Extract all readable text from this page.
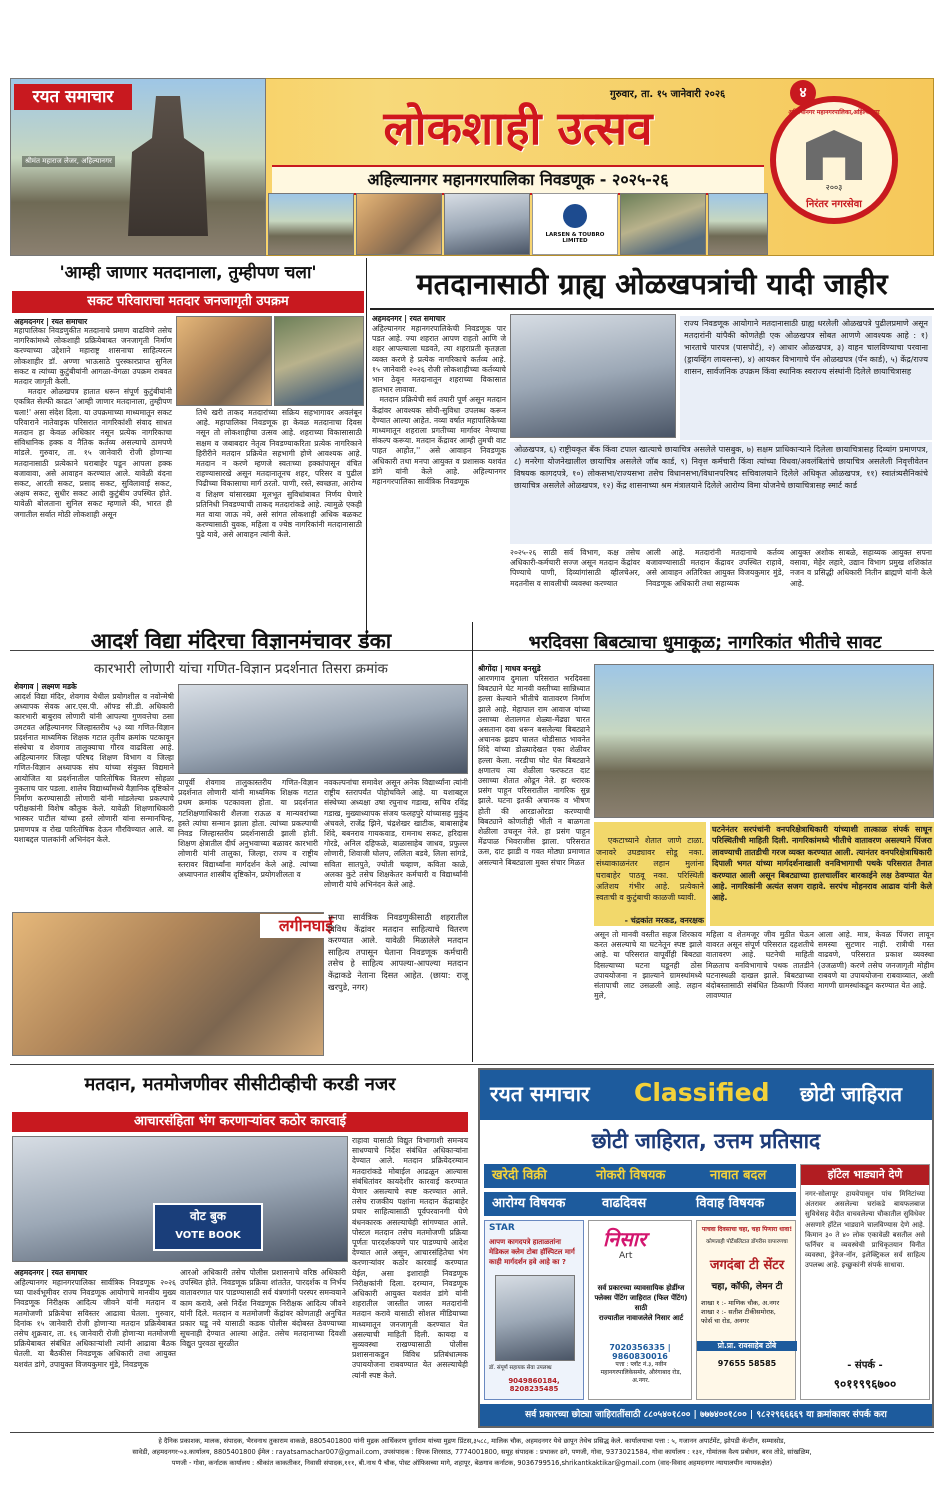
रयत समाचार
श्रीमंत महाराज लेजर, अहिल्यानगर
गुरुवार, ता. १५ जानेवारी २०२६	४
लोकशाही उत्सव
अहिल्यानगर महानगरपालिका निवडणूक - २०२५-२६
अहिल्यानगर महानगरपालिका,अहिल्यानगर
२००३
निरंतर नगरसेवा
LARSEN & TOUBRO LIMITED
'आम्ही जाणार मतदानाला, तुम्हीपण चला'
सकट परिवाराचा मतदार जनजागृती उपक्रम
अहमदनगर | रयत समाचार
महापालिका निवडणुकीत मतदानाचे प्रमाण वाढविणे तसेच नागरिकांमध्ये लोकशाही प्रक्रियेबाबत जनजागृती निर्माण करण्याच्या उद्देशाने महाराष्ट्र शासनाचा साहित्यरत्न लोकशाहीर डॉ. अण्णा भाऊसाठे पुरस्कारप्राप्त सुनिल सकट व त्यांच्या कुटुंबीयांनी आगळा-वेगळा उपक्रम राबवत मतदार जागृती केली.
मतदार ओळखपत्र हातात धरून संपूर्ण कुटुंबीयांनी एकत्रित सेल्फी काढत 'आम्ही जाणार मतदानाला, तुम्हीपण चला!' असा संदेश दिला. या उपक्रमाच्या माध्यमातून सकट परिवाराने नातेवाइक परिसरात नागरिकांशी संवाद साधत मतदान हा केवळ अधिकार नसून प्रत्येक नागरिकाचा संविधानिक हक्क व नैतिक कर्तव्य असल्याचे ठामपणे मांडले. गुरुवार, ता. १५ जानेवारी रोजी होणाऱ्या मतदानासाठी प्रत्येकाने घराबाहेर पडून आपला हक्क बजावावा, असे आवाहन करण्यात आले. यावेळी वंदना सकट, आरती सकट, प्रसाद सकट, सुविलावाई सकट, अक्षय सकट, सुधीर सकट आदी कुटुंबीय उपस्थित होते. यावेळी बोलताना सुनिल सकट म्हणाले की, भारत ही जगातील सर्वात मोठी लोकशाही असून
तिथे खरी ताकद मतदारांच्या सक्रिय सहभागावर अवलंबून आहे. महापालिका निवडणूक हा केवळ मतदानाचा दिवस नसून तो लोकशाहीचा उत्सव आहे. शहराच्या विकासासाठी सक्षम व जबाबदार नेतृत्व निवडण्याकरिता प्रत्येक नागरिकाने हिरीरीने मतदान प्रक्रियेत सहभागी होणे आवश्यक आहे. मतदान न करणे म्हणजे स्वतःच्या हक्कांपासून वंचित राहण्यासारखे असून मतदानातूनच शहर, परिसर व पुढील पिढीच्या विकासाचा मार्ग ठरतो. पाणी, रस्ते, स्वच्छता, आरोग्य व शिक्षण यांसारख्या मूलभूत सुविधांबाबत निर्णय घेणारे प्रतिनिधी निवडण्याची ताकद मतदारांकडे आहे. त्यामुळे एकही मत वाया जाऊ नये, असे सांगत लोकशाही अधिक बळकट करण्यासाठी युवक, महिला व ज्येष्ठ नागरिकांनी मतदानासाठी पुढे यावे, असे आवाहन त्यांनी केले.
मतदानासाठी ग्राह्य ओळखपत्रांची यादी जाहीर
अहमदनगर | रयत समाचार
अहिल्यानगर महानगरपालिकेची निवडणूक पार पडत आहे. ज्या शहरात आपण राहतो आणि जे शहर आपल्याला घडवते, त्या शहराप्रती कृतज्ञता व्यक्त करणे हे प्रत्येक नागरिकाचे कर्तव्य आहे. १५ जानेवारी २०२६ रोजी लोकशाहीच्या कर्तव्याचे भान ठेवून मतदानातून शहराच्या विकासात हातभार लावावा.
मतदान प्रक्रियेची सर्व तयारी पूर्ण असून मतदान केंद्रांवर आवश्यक सोयी-सुविधा उपलब्ध करून देण्यात आल्या आहेत. नव्या वर्षात महापालिकेच्या माध्यमातून शहराला प्रगतीच्या मार्गावर नेण्याचा संकल्प करूया. मतदान केंद्रावर आम्ही तुमची वाट पाहत आहोत,'' असे आवाहन निवडणूक अधिकारी तथा मनपा आयुक्त व प्रशासक यशवंत डांगे यांनी केले आहे. अहिल्यानगर महानगरपालिका सार्वत्रिक निवडणूक
राज्य निवडणूक आयोगाने मतदानासाठी ग्राह्य धरलेली ओळखपत्रे पुढीलप्रमाणे असून मतदारांनी यांपैकी कोणतेही एक ओळखपत्र सोबत आणणे आवश्यक आहे : १) भारताचे पारपत्र (पासपोर्ट), २) आधार ओळखपत्र, ३) वाहन चालविण्याचा परवाना (ड्रायव्हिंग लायसन्स), ४) आयकर विभागाचे पॅन ओळखपत्र (पॅन कार्ड), ५) केंद्र/राज्य शासन, सार्वजनिक उपक्रम किंवा स्थानिक स्वराज्य संस्थांनी दिलेले छायाचित्रासह
ओळखपत्र, ६) राष्ट्रीयकृत बँक किंवा टपाल खात्याचे छायाचित्र असलेले पासबुक, ७) सक्षम प्राधिकाऱ्याने दिलेला छायाचित्रासह दिव्यांग प्रमाणपत्र, ८) मनरेगा योजनेखालील छायाचित्र असलेले जॉब कार्ड, ९) निवृत्त कर्मचारी किंवा त्यांच्या विधवा/अवलंबितांचे छायाचित्र असलेली निवृत्तीवेतन विषयक कागदपत्रे, १०) लोकसभा/राज्यसभा तसेच विधानसभा/विधानपरिषद सचिवालयाने दिलेले अधिकृत ओळखपत्र, ११) स्वातंत्र्यसैनिकांचे छायाचित्र असलेले ओळखपत्र, १२) केंद्र शासनाच्या श्रम मंत्रालयाने दिलेले आरोग्य विमा योजनेचे छायाचित्रासह स्मार्ट कार्ड
२०२५-२६ साठी सर्व विभाग, कक्ष तसेच अधिकारी-कर्मचारी सज्ज असून मतदान केंद्रांवर पिण्याचे पाणी, दिव्यांगांसाठी व्हीलचेअर, मदतनीस व सावलीची व्यवस्था करण्यात
आली आहे. मतदारांनी मतदानाचे कर्तव्य बजावण्यासाठी मतदान केंद्रावर उपस्थित राहावे, असे आवाहन अतिरिक्त आयुक्त विजयकुमार मुंडे, निवडणूक अधिकारी तथा सहाय्यक
आयुक्त अशोक साबळे, सहाय्यक आयुक्त सपना वसावा, मेहेर लहारे, उद्यान विभाग प्रमुख शशिकांत नजन व प्रसिद्धी अधिकारी नितीन ब्राह्मणे यांनी केले आहे.
आदर्श विद्या मंदिरचा विज्ञानमंचावर डंका
कारभारी लोणारी यांचा गणित-विज्ञान प्रदर्शनात तिसरा क्रमांक
शेवगाव | लक्ष्मण मडके
आदर्श विद्या मंदिर, शेवगाव येथील प्रयोगशील व नवोन्मेषी अध्यापक सेवक आर.एस.पी. ऑफ्ड सी.डी. अधिकारी कारभारी बाबुराव लोणारी यांनी आपल्या गुणवत्तेचा ठसा उमटवत अहिल्यानगर जिल्हास्तरीय ५३ व्या गणित-विज्ञान प्रदर्शनात माध्यमिक शिक्षक गटात तृतीय क्रमांक पटकावून संस्थेचा व शेवगाव तालुक्याचा गौरव वाढविला आहे. अहिल्यानगर जिल्हा परिषद शिक्षण विभाग व जिल्हा गणित-विज्ञान अध्यापक संघ यांच्या संयुक्त विद्यमाने आयोजित या प्रदर्शनातील पारितोषिक वितरण सोहळा नुकताच पार पडला. शालेय विद्यार्थ्यांमध्ये वैज्ञानिक दृष्टिकोन निर्माण करण्यासाठी लोणारी यांनी मांडलेल्या प्रकल्पाचे परीक्षकांनी विशेष कौतुक केले. यावेळी शिक्षणाधिकारी भास्कर पाटील यांच्या हस्ते लोणारी यांना सन्मानचिन्ह, प्रमाणपत्र व रोख पारितोषिक देऊन गौरविण्यात आले. या यशाबद्दल पालकांनी अभिनंदन केले.
यापूर्वी शेवगाव तालुकास्तरीय गणित-विज्ञान प्रदर्शनात लोणारी यांनी माध्यमिक शिक्षक गटात प्रथम क्रमांक पटकावला होता. या प्रदर्शनात गटशिक्षणाधिकारी शैलजा राऊळ व मान्यवरांच्या हस्ते त्यांचा सन्मान झाला होता. त्यांच्या प्रकल्पाची निवड जिल्हास्तरीय प्रदर्शनासाठी झाली होती. शिक्षण क्षेत्रातील दीर्घ अनुभवाच्या बळावर कारभारी लोणारी यांनी तालुका, जिल्हा, राज्य व राष्ट्रीय स्तरावर विद्यार्थ्यांना मार्गदर्शन केले आहे. त्यांच्या अध्यापनात शास्त्रीय दृष्टिकोन, प्रयोगशीलता व
नवकल्पनांचा समावेश असून अनेक विद्यार्थ्यांना त्यांनी राष्ट्रीय स्तरापर्यंत पोहोचविले आहे. या यशाबद्दल संस्थेच्या अध्यक्षा उषा रघुनाथ गडाख, सचिव रविंद्र गडाख, मुख्याध्यापक संजय फलहपुरे यांच्यासह मुकुंद अंचवले, राजेंद्र झिने, चंद्रशेखर खाटीक, बाबासाहेब शिंदे, बबनराव गायकवाड, रामनाथ सकट, हरिदास गोरडे, अनिल दहिफळे, बाळासाहेब जाधव, प्रफुल्ल लोणारी, शिवाजी घोलप, ललिता बडवे, लिला सांगडे, सविता सातपुते, ज्योती चव्हाण, कविता काळे, अलका कुटे तसेच शिक्षकेतर कर्मचारी व विद्यार्थ्यांनी लोणारी यांचे अभिनंदन केले आहे.
लगीनघाई
मनपा सार्वत्रिक निवडणुकीसाठी शहरातील विविध केंद्रांवर मतदान साहित्याचे वितरण करण्यात आले. यावेळी मिळालेले मतदान साहित्य तपासून घेताना निवडणूक कर्मचारी तसेच हे साहित्य आपल्या-आपल्या मतदान केंद्राकडे नेताना दिसत आहेत. (छाया: राजू खरपुडे, नगर)
भरदिवसा बिबट्याचा धुमाकूळ; नागरिकांत भीतीचे सावट
श्रीगोंदा | माधव बनसुडे
आरणगाव दुमाला परिसरात भरदिवसा बिबट्याने घेट मानवी वस्तीच्या सान्निध्यात हल्ला केल्याने भीतीचे वातावरण निर्माण झाले आहे. मेहापाल राम आवाज यांच्या उसाच्या शेतालगत शेळ्या-मेंढ्या चारत असताना दबा धरून बसलेल्या बिबट्याने अचानक झडप घालत थोडीसाठ भावनेत शिंदे यांच्या डोळ्यादेखत एका शेळीवर हल्ला केला. नरडीचा घोट घेत बिबट्याने क्षणातच त्या शेळीला फरफटत दाट उसाच्या शेतात ओढून नेले. हा थरारक प्रसंग पाहून परिसरातील नागरिक सुन्न झाले. घटना इतकी अचानक व भीषण होती की आरडाओरडा करण्याची बिबट्याने कोणतीही भीती न बाळगता शेळीला उचलून नेले. हा प्रसंग पाहून मेंढपाळ भिवराजीस झाला. परिसरात ऊस, दाट झाडी व गवत मोठ्या प्रमाणात असल्याने बिबट्याला मुक्त संचार मिळत

एकटाच्याने शेतात जाणे टाळा. जनावरे उघड्यावर सोडू नका. संध्याकाळनंतर लहान मुलांना घराबाहेर पाठवू नका. परिस्थिती अतिशय गंभीर आहे. प्रत्येकाने स्वतःची व कुटुंबाची काळजी घ्यावी.

- चंद्रकांत मरकड, वनरक्षक

घटनेनंतर सरपंचांनी वनपरिक्षेत्राधिकारी यांच्याशी तात्काळ संपर्क साधून परिस्थितीची माहिती दिली. नागरिकांमध्ये भीतीचे वातावरण असल्याने पिंजरा लावण्याची तातडीची गरज व्यक्त करण्यात आली. त्यानंतर वनपरिक्षेत्राधिकारी दिपाली भगत यांच्या मार्गदर्शनाखाली वनविभागाची पथके परिसरात तैनात करण्यात आली असून बिबट्याच्या हालचालींवर बारकाईने लक्ष ठेवण्यात येत आहे. नागरिकांनी अत्यंत सजग राहावे. सरपंच मोहनराव आढाव यांनी केले आहे.
असून तो मानवी वस्तीत सहज शिरकाव करत असल्याचे या घटनेतून स्पष्ट झाले आहे. या परिसरात वापूर्वीही बिबट्या दिसल्याच्या घटना घडूनही ठोस उपाययोजना न झाल्याने ग्रामस्थांमध्ये संतापाची लाट उसळली आहे. लहान मुले,
महिला व शेतमजूर जीव मुठीत घेऊन वावरत असून संपूर्ण परिसरात दहशतीचे वातावरण आहे. घटनेची माहिती मिळताच वनविभागाचे पथक तातडीने घटनास्थळी दाखल झाले. बिबट्याच्या बंदोबस्तासाठी संबंधित ठिकाणी पिंजरा लावण्यात
आला आहे. मात्र, केवळ पिंजरा लावून समस्या सुटणार नाही. रात्रीची गस्त वाढवणे, परिसरात प्रकाश व्यवस्था (उजळणी) करणे तसेच जनजागृती मोहीम राबवणे या उपाययोजना राबवाव्यात, अशी मागणी ग्रामस्थांकडून करण्यात येत आहे.
मतदान, मतमोजणीवर सीसीटीव्हीची करडी नजर
आचारसंहिता भंग करणाऱ्यांवर कठोर कारवाई
वोट बुक
VOTE BOOK
राहावा यासाठी विद्युत विभागाशी समन्वय साधण्याचे निर्देश संबंधित अधिकाऱ्यांना देण्यात आले. मतदान प्रक्रियेदरम्यान मतदारांकडे मोबाईल आढळून आल्यास संबंधितांवर कायदेशीर कारवाई करण्यात येणार असल्याचे स्पष्ट करण्यात आले. तसेच राजकीय पक्षांना मतदान केंद्राबाहेर प्रचार साहित्यासाठी पूर्वपरवानगी घेणे बंधनकारक असल्याचेही सांगण्यात आले. पोस्टल मतदान तसेच मतमोजणी प्रक्रिया पूर्णतः पारदर्शकपणे पार पाडण्याचे आदेश देण्यात आले असून, आचारसंहितेचा भंग करणाऱ्यांवर कठोर कारवाई करण्यात येईल, असा इशाराही निवडणूक निरीक्षकांनी दिला. दरम्यान, निवडणूक अधिकारी आयुक्त यशवंत डांगे यांनी शहरातील जास्तीत जास्त मतदारांनी मतदान करावे यासाठी सोशल मीडियाच्या माध्यमातून जनजागृती करण्यात येत असल्याची माहिती दिली. कायदा व सुव्यवस्था राखण्यासाठी पोलीस प्रशासनाकडून विविध प्रतिबंधात्मक उपाययोजना राबवण्यात येत असल्याचेही त्यांनी स्पष्ट केले.
अहमदनगर | रयत समाचार
अहिल्यानगर महानगरपालिका सार्वत्रिक निवडणूक २०२६ च्या पार्श्वभूमीवर राज्य निवडणूक आयोगाचे मानवीय मुख्य निवडणूक निरीक्षक आदित्य जीवने यांनी मतदान व मतमोजणी प्रक्रियेचा सविस्तर आढावा घेतला. गुरुवार, दिनांक १५ जानेवारी रोजी होणाऱ्या मतदान प्रक्रियेबाबत तसेच शुक्रवार, ता. १६ जानेवारी रोजी होणाऱ्या मतमोजणी प्रक्रियेबाबत संबंधित अधिकाऱ्यांशी त्यांनी आढावा बैठक घेतली. या बैठकीस निवडणूक अधिकारी तथा आयुक्त यशवंत डांगे, उपायुक्त विजयकुमार मुंडे, निवडणूक
आरओ अधिकारी तसेच पोलीस प्रशासनाचे वरिष्ठ अधिकारी उपस्थित होते. निवडणूक प्रक्रिया शांततेत, पारदर्शक व निर्भय वातावरणात पार पाडण्यासाठी सर्व यंत्रणांनी परस्पर समन्वयाने काम करावे, असे निर्देश निवडणूक निरीक्षक आदित्य जीवने यांनी दिले. मतदान व मतमोजणी केंद्रांवर कोणताही अनुचित प्रकार घडू नये यासाठी कडक पोलीस बंदोबस्त ठेवण्याच्या सूचनाही देण्यात आल्या आहेत. तसेच मतदानाच्या दिवशी विद्युत पुरवठा सुरळीत
रयत समाचार Classified छोटी जाहिरात
छोटी जाहिरात, उत्तम प्रतिसाद
खरेदी विक्री	नोकरी विषयक	नावात बदल
आरोग्य विषयक	वाढदिवस	विवाह विषयक
STAR
आपण कागदपत्रे हाताळतांना
मेडिकल क्लेम टोबा हॉस्पिटल मार्ग
काही मार्गदर्शन हवे आहे का ?
डॉ. संपूर्ण सहायक सेवा उपलब्ध
9049860184, 8208235485
निसार
Art
सर्व प्रकारच्या व्यावसायिक होर्डीग्ज
फ्लेक्स पेंटिंग जाहिरात (फिल पेंटिंग) साठी
राज्यातील नावाजलेले निसार आर्ट
7020356335 | 9860830016
पत्ता : प्लॉट नं.३, नवीन महानगरपालिकेसमोर, औरंगाबाद रोड, अ.नगर.
पाचवा दिवसाचा चहा, चहा पिणारा धावा!
कोणताही पोर्टेबलिटात डोंगरीस वापारणचा
जगदंबा टी सेंटर
चहा, कॉफी, लेमन टी
शाखा १ :- माणिक चौक, अ.नगर
शाखा २ :- सतीश टीकीसमोरफ़,
फोर्स चा रोड, अनगर
प्रो.प्रा. रावसाहेब ठोंबे
97655 58585
हॉटेल भाड्याने देणे
नगर-सोलापूर हायवेपासून पांच मिनिटांच्या अंतरावर असलेल्या घरांकडे बायफलबाज सुविधेसह वेदीत वाचवलेल्या चौकातील सुविधेवर असणारे हॉटेल भाड्याने चालविण्यास देणे आहे. किमान ३० ते ४० लोक एकावेळी बसतील असे फर्निचर व व्यवस्थेची प्राधिकृतयान विनीत व्यवस्था, ड्रेनेज-नॉन, इलेक्ट्रिकल सर्व साहित्य उपलब्ध आहे. इच्छुकांनी संपर्क साधावा.
- संपर्क -
९०११९९६७००
सर्व प्रकारच्या छोट्या जाहिरातींसाठी ८८०५४०१८०० | ७७७४००१८०० | ९८२२९६६६६९ या क्रमांकावर संपर्क करा
हे दैनिक प्रकाशक, मालक, संपादक, भैरवनाथ तुकाराम वाकळे, 8805401800 यांनी मुद्रक आर्थिकरण दुर्गाराम यांच्या मुद्रण प्रिंटस,३५८८, मालिक चौक, अहमदनगर येथे छापून तेथेच प्रसिद्ध केले. कार्यालयाचा पत्ता : ५, गजानन अपार्टमेंट, झोपडी कॅन्टीन, सम्मासोड,
सावेडी, अहमदनगर-०३.कार्यालय, 8805401800 ईमेल : rayatsamachar007@gmail.com, उपसंपादक : दिपक शिरसाठ, 7774001800, समूह संपादक : प्रभाकर ढगे, पणजी, गोवा, 9373021584, गोवा कार्यालय : १३१, गोमांतक वैश्य प्रबोधन, बरव तोडे, सांखळिम,
पणजी - गोवा, कर्नाटक कार्यालय : श्रीकांत काकतीकर, निवासी संपादक,१११, बी.नाथ पै चौक, पोस्ट ऑफिसच्या मागे, शहापूर, बेळगाव कर्नाटक, 9036799516,shrikantkaktikar@gmail.com (वाद-विवाद अहमदनगर न्यायालयीन न्यायकक्षेत)
